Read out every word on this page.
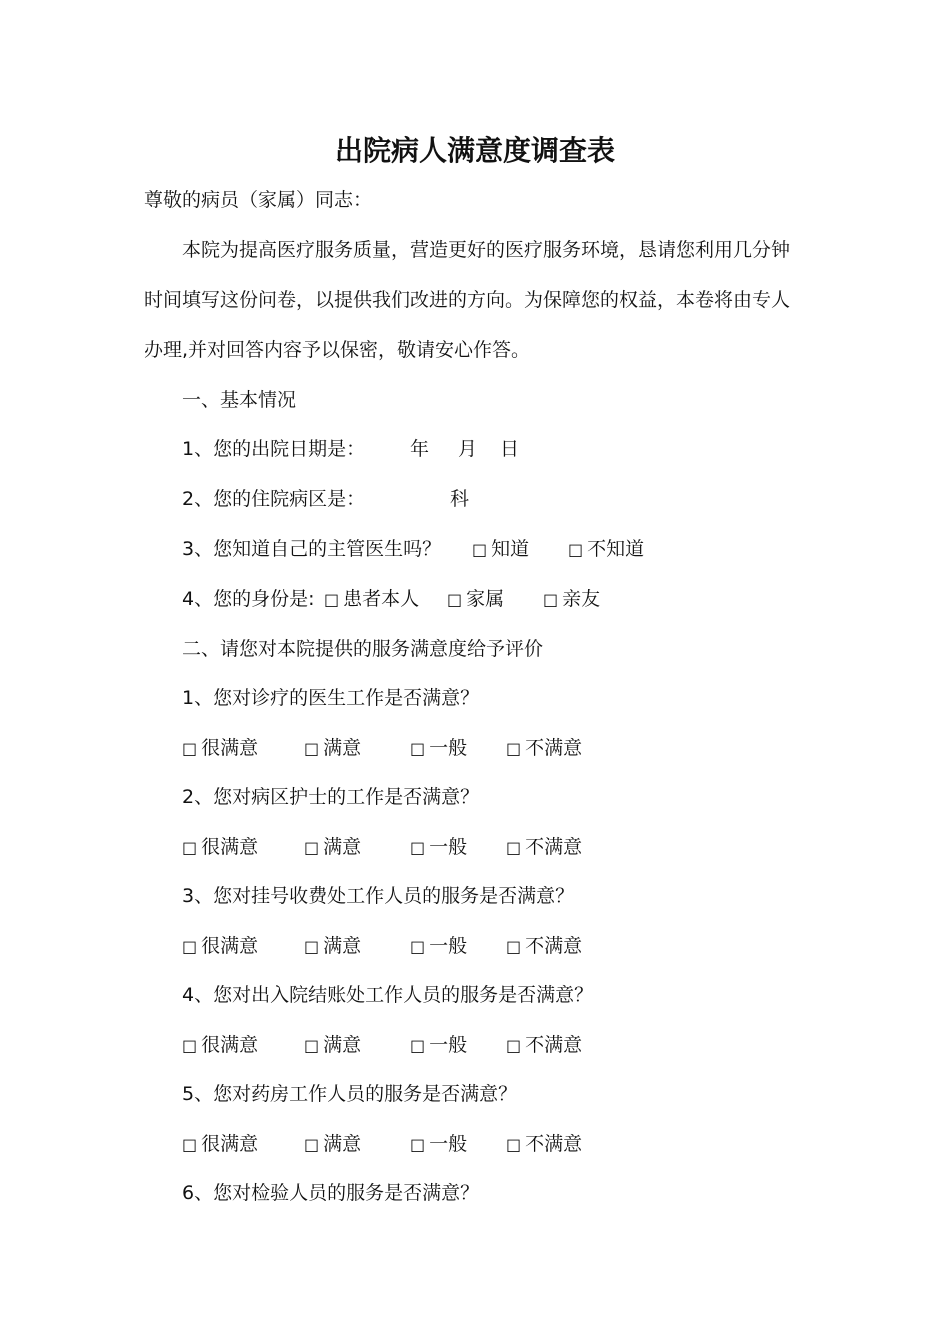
出院病人满意度调查表
尊敬的病员（家属）同志：
本院为提高医疗服务质量，营造更好的医疗服务环境，恳请您利用几分钟
时间填写这份问卷，以提供我们改进的方向。为保障您的权益，本卷将由专人
办理,并对回答内容予以保密，敬请安心作答。
一、基本情况
1、您的出院日期是： 年 月 日
2、您的住院病区是：	科
3、您知道自己的主管医生吗？ □ 知道 □ 不知道
4、您的身份是: □ 患者本人 □ 家属 □ 亲友
二、请您对本院提供的服务满意度给予评价
1、您对诊疗的医生工作是否满意？
□ 很满意	□ 满意	□ 一般 □ 不满意
2、您对病区护士的工作是否满意？
□ 很满意	□ 满意	□ 一般 □ 不满意
3、您对挂号收费处工作人员的服务是否满意？
□ 很满意	□ 满意	□ 一般 □ 不满意
4、您对出入院结账处工作人员的服务是否满意？
□ 很满意	□ 满意	□ 一般 □ 不满意
5、您对药房工作人员的服务是否满意？
□ 很满意	□ 满意	□ 一般 □ 不满意
6、您对检验人员的服务是否满意？
